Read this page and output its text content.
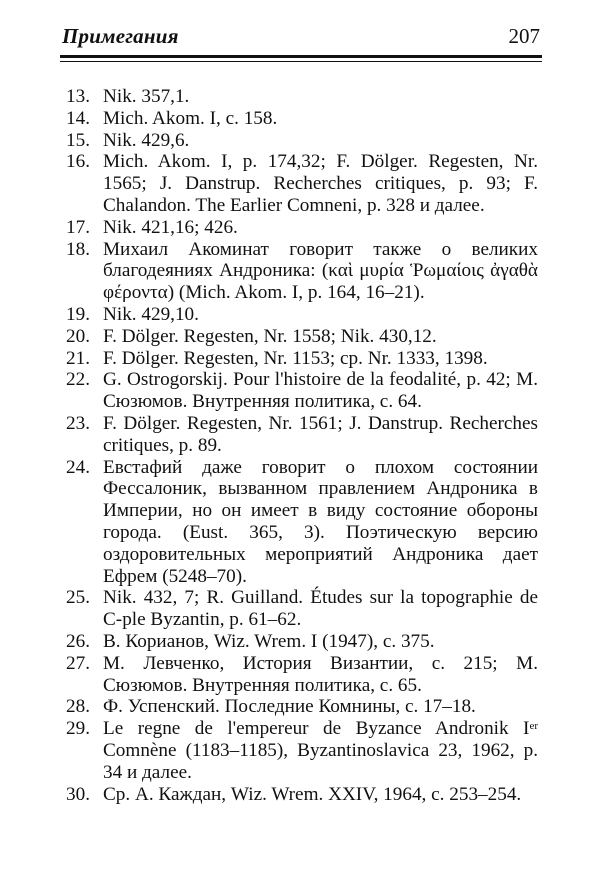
Примегания	207
13. Nik. 357,1.
14. Mich. Akom. I, c. 158.
15. Nik. 429,6.
16. Mich. Akom. I, p. 174,32; F. Dölger. Regesten, Nr. 1565; J. Danstrup. Recherches critiques, p. 93; F. Chalandon. The Earlier Comneni, p. 328 и далее.
17. Nik. 421,16; 426.
18. Михаил Акоминат говорит также о великих благодеяниях Андроника: (καὶ μυρία Ῥωμαίοις ἀγαθὰ φέροντα) (Mich. Akom. I, p. 164, 16–21).
19. Nik. 429,10.
20. F. Dölger. Regesten, Nr. 1558; Nik. 430,12.
21. F. Dölger. Regesten, Nr. 1153; cp. Nr. 1333, 1398.
22. G. Ostrogorskij. Pour l'histoire de la feodalité, p. 42; М. Сюзюмов. Внутренняя политика, с. 64.
23. F. Dölger. Regesten, Nr. 1561; J. Danstrup. Recherches critiques, p. 89.
24. Евстафий даже говорит о плохом состоянии Фессалоник, вызванном правлением Андроника в Империи, но он имеет в виду состояние обороны города. (Eust. 365, 3). Поэтическую версию оздоровительных мероприятий Андроника дает Ефрем (5248–70).
25. Nik. 432, 7; R. Guilland. Études sur la topographie de C-ple Byzantin, p. 61–62.
26. В. Корианов, Wiz. Wrem. I (1947), с. 375.
27. М. Левченко, История Византии, с. 215; М. Сюзюмов. Внутренняя политика, с. 65.
28. Ф. Успенский. Последние Комнины, с. 17–18.
29. Le regne de l'empereur de Byzance Andronik Ier Comnène (1183–1185), Byzantinoslavica 23, 1962, p. 34 и далее.
30. Ср. А. Каждан, Wiz. Wrem. XXIV, 1964, c. 253–254.
